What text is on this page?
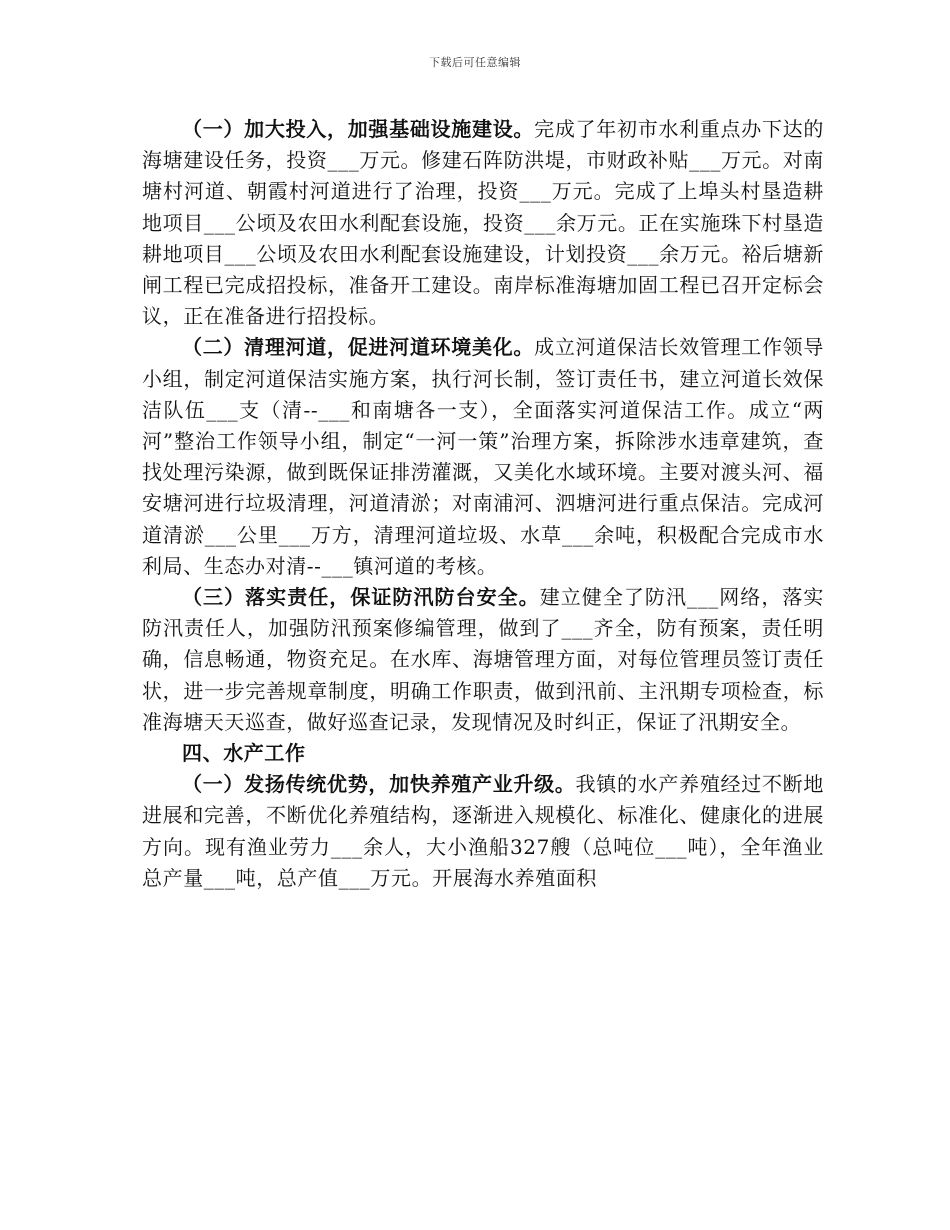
下载后可任意编辑

（一）加大投入，加强基础设施建设。完成了年初市水利重点办下达的海塘建设任务，投资___万元。修建石阵防洪堤，市财政补贴___万元。对南塘村河道、朝霞村河道进行了治理，投资___万元。完成了上埠头村垦造耕地项目___公顷及农田水利配套设施，投资___余万元。正在实施珠下村垦造耕地项目___公顷及农田水利配套设施建设，计划投资___余万元。裕后塘新闸工程已完成招投标，准备开工建设。南岸标准海塘加固工程已召开定标会议，正在准备进行招投标。

（二）清理河道，促进河道环境美化。成立河道保洁长效管理工作领导小组，制定河道保洁实施方案，执行河长制，签订责任书，建立河道长效保洁队伍___支（清--___和南塘各一支），全面落实河道保洁工作。成立“两河”整治工作领导小组，制定“一河一策”治理方案，拆除涉水违章建筑，查找处理污染源，做到既保证排涝灌溉，又美化水域环境。主要对渡头河、福安塘河进行垃圾清理，河道清淤；对南浦河、泗塘河进行重点保洁。完成河道清淤___公里___万方，清理河道垃圾、水草___余吨，积极配合完成市水利局、生态办对清--___镇河道的考核。

（三）落实责任，保证防汛防台安全。建立健全了防汛___网络，落实防汛责任人，加强防汛预案修编管理，做到了___齐全，防有预案，责任明确，信息畅通，物资充足。在水库、海塘管理方面，对每位管理员签订责任状，进一步完善规章制度，明确工作职责，做到汛前、主汛期专项检查，标准海塘天天巡查，做好巡查记录，发现情况及时纠正，保证了汛期安全。

四、水产工作

（一）发扬传统优势，加快养殖产业升级。我镇的水产养殖经过不断地进展和完善，不断优化养殖结构，逐渐进入规模化、标准化、健康化的进展方向。现有渔业劳力___余人，大小渔船327艘（总吨位___吨），全年渔业总产量___吨，总产值___万元。开展海水养殖面积
